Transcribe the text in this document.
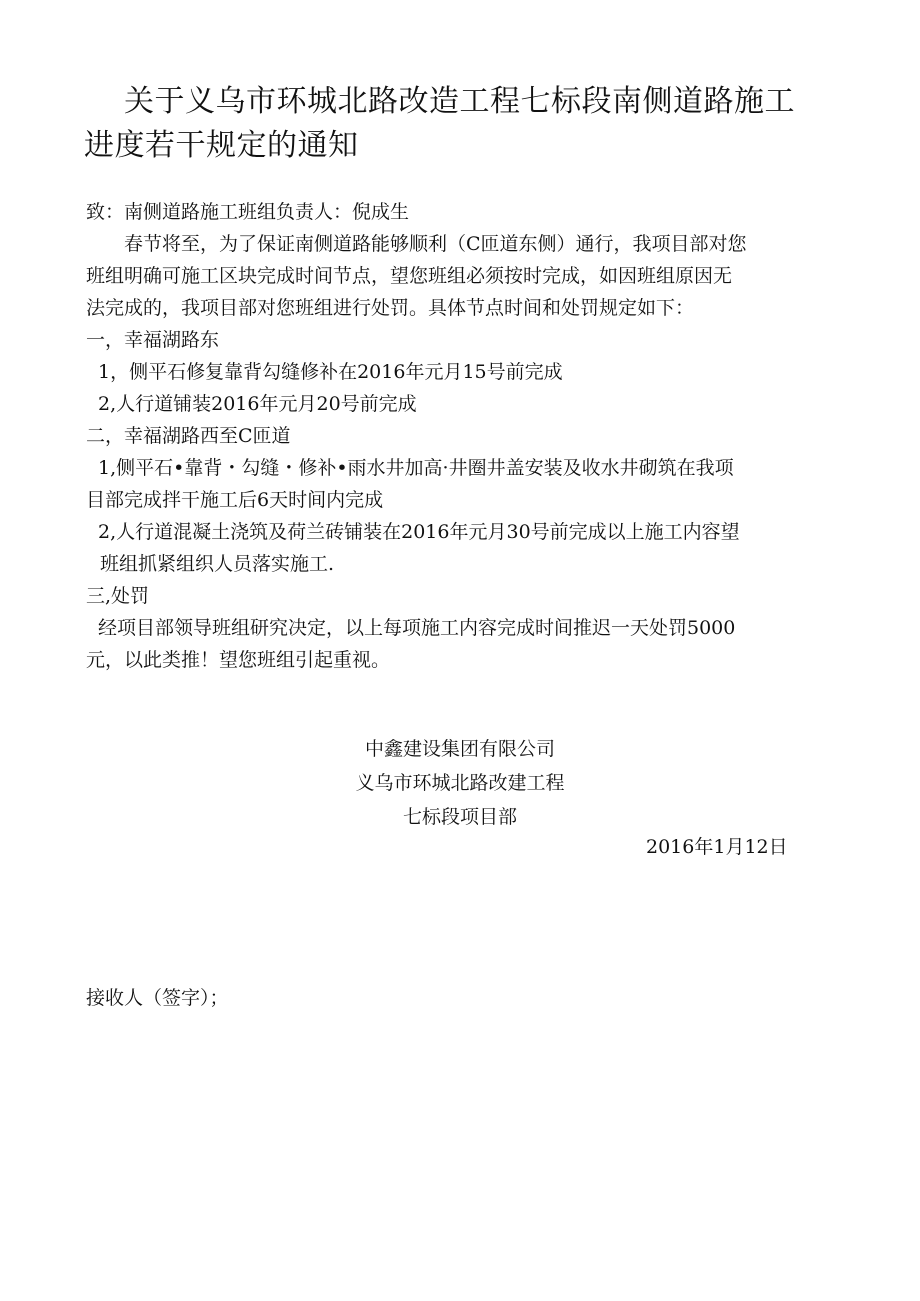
关于义乌市环城北路改造工程七标段南侧道路施工
进度若干规定的通知
致：南侧道路施工班组负责人：倪成生
春节将至，为了保证南侧道路能够顺利（C匝道东侧）通行，我项目部对您
班组明确可施工区块完成时间节点，望您班组必须按时完成，如因班组原因无
法完成的，我项目部对您班组进行处罚。具体节点时间和处罚规定如下：
一，幸福湖路东
1，侧平石修复靠背勾缝修补在2016年元月15号前完成
2,人行道铺装2016年元月20号前完成
二，幸福湖路西至C匝道
1,侧平石•靠背・勾缝・修补•雨水井加高·井圈井盖安装及收水井砌筑在我项
目部完成拌干施工后6天时间内完成
2,人行道混凝土浇筑及荷兰砖铺装在2016年元月30号前完成以上施工内容望
班组抓紧组织人员落实施工.
三,处罚
经项目部领导班组研究决定，以上每项施工内容完成时间推迟一天处罚5000
元，以此类推！望您班组引起重视。
中鑫建设集团有限公司
义乌市环城北路改建工程
七标段项目部
2016年1月12日
接收人（签字）；
